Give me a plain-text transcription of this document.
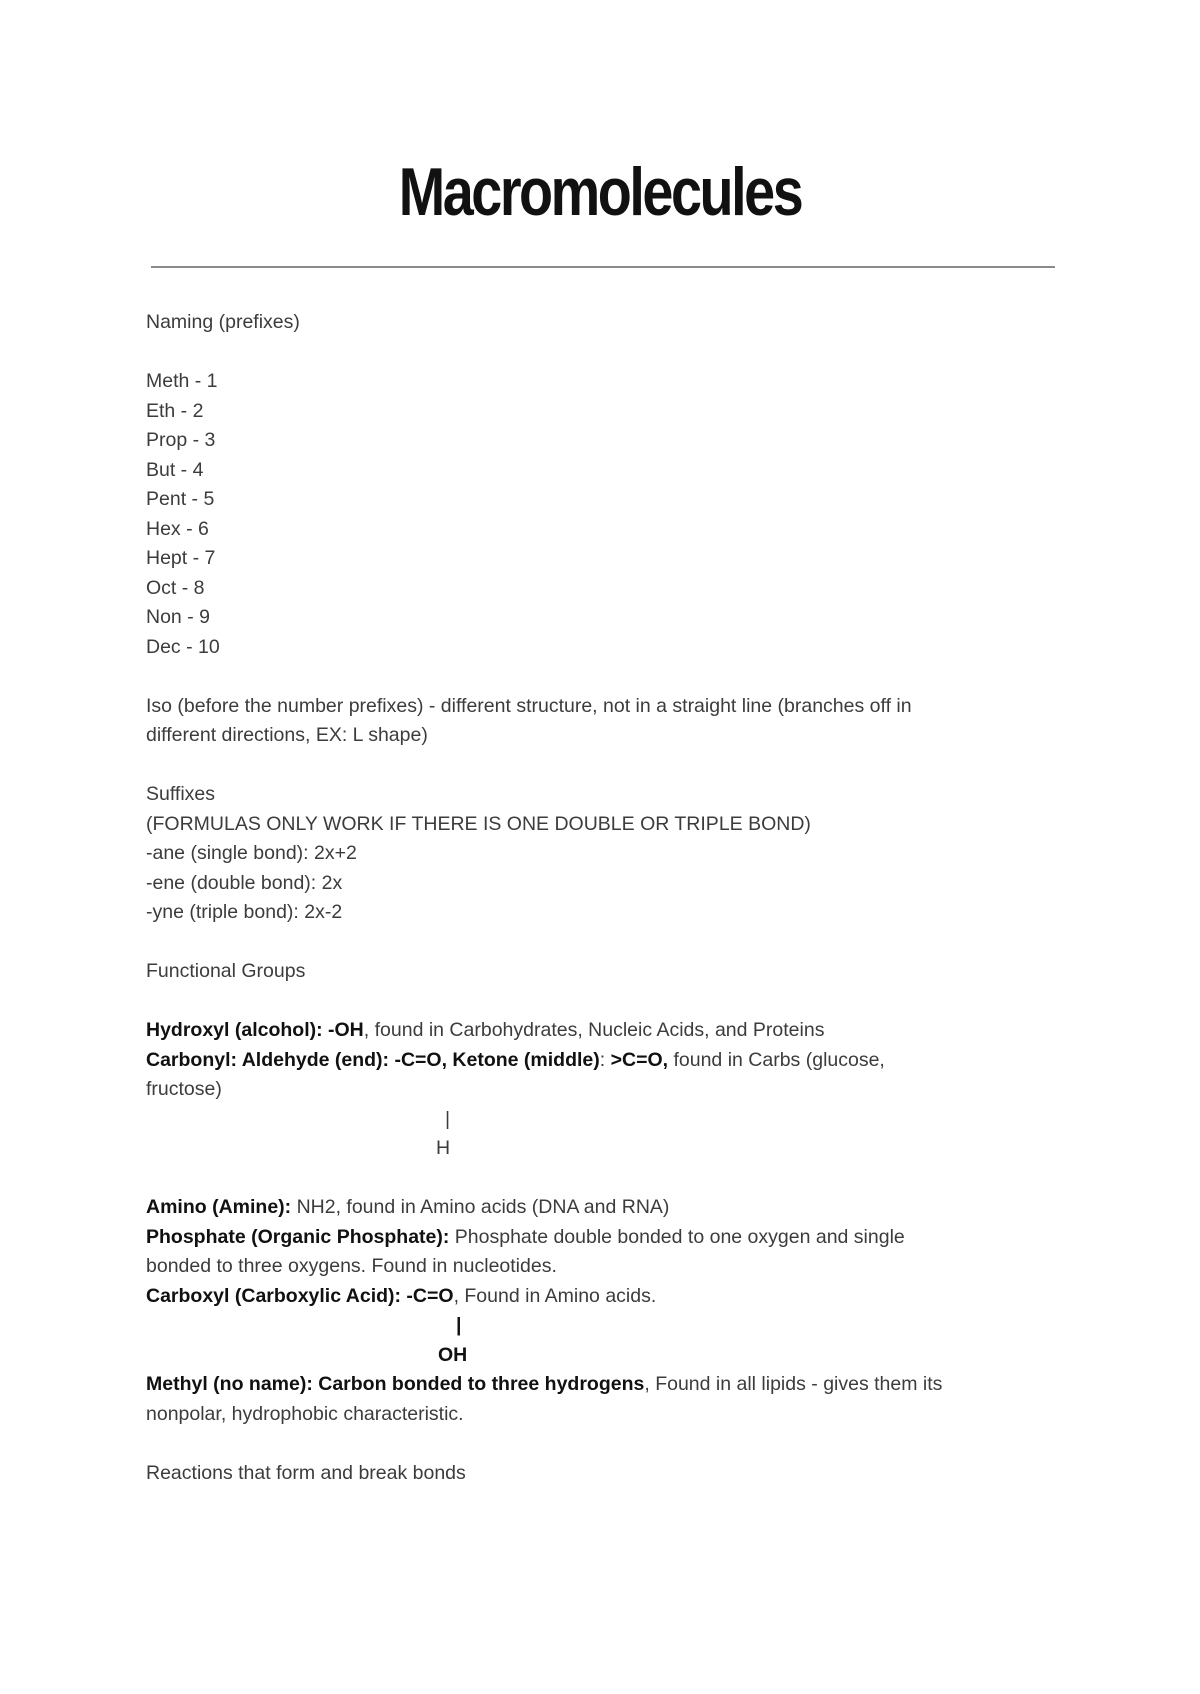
Macromolecules
Naming (prefixes)
Meth - 1
Eth - 2
Prop - 3
But - 4
Pent - 5
Hex - 6
Hept - 7
Oct - 8
Non - 9
Dec - 10
Iso (before the number prefixes) - different structure, not in a straight line (branches off in
different directions, EX: L shape)
Suffixes
(FORMULAS ONLY WORK IF THERE IS ONE DOUBLE OR TRIPLE BOND)
-ane (single bond): 2x+2
-ene (double bond): 2x
-yne (triple bond): 2x-2
Functional Groups
Hydroxyl (alcohol): -OH, found in Carbohydrates, Nucleic Acids, and Proteins
Carbonyl: Aldehyde (end): -C=O, Ketone (middle): >C=O, found in Carbs (glucose,
fructose)
|
H
Amino (Amine): NH2, found in Amino acids (DNA and RNA)
Phosphate (Organic Phosphate): Phosphate double bonded to one oxygen and single
bonded to three oxygens. Found in nucleotides.
Carboxyl (Carboxylic Acid): -C=O, Found in Amino acids.
|
OH
Methyl (no name): Carbon bonded to three hydrogens, Found in all lipids - gives them its
nonpolar, hydrophobic characteristic.
Reactions that form and break bonds
